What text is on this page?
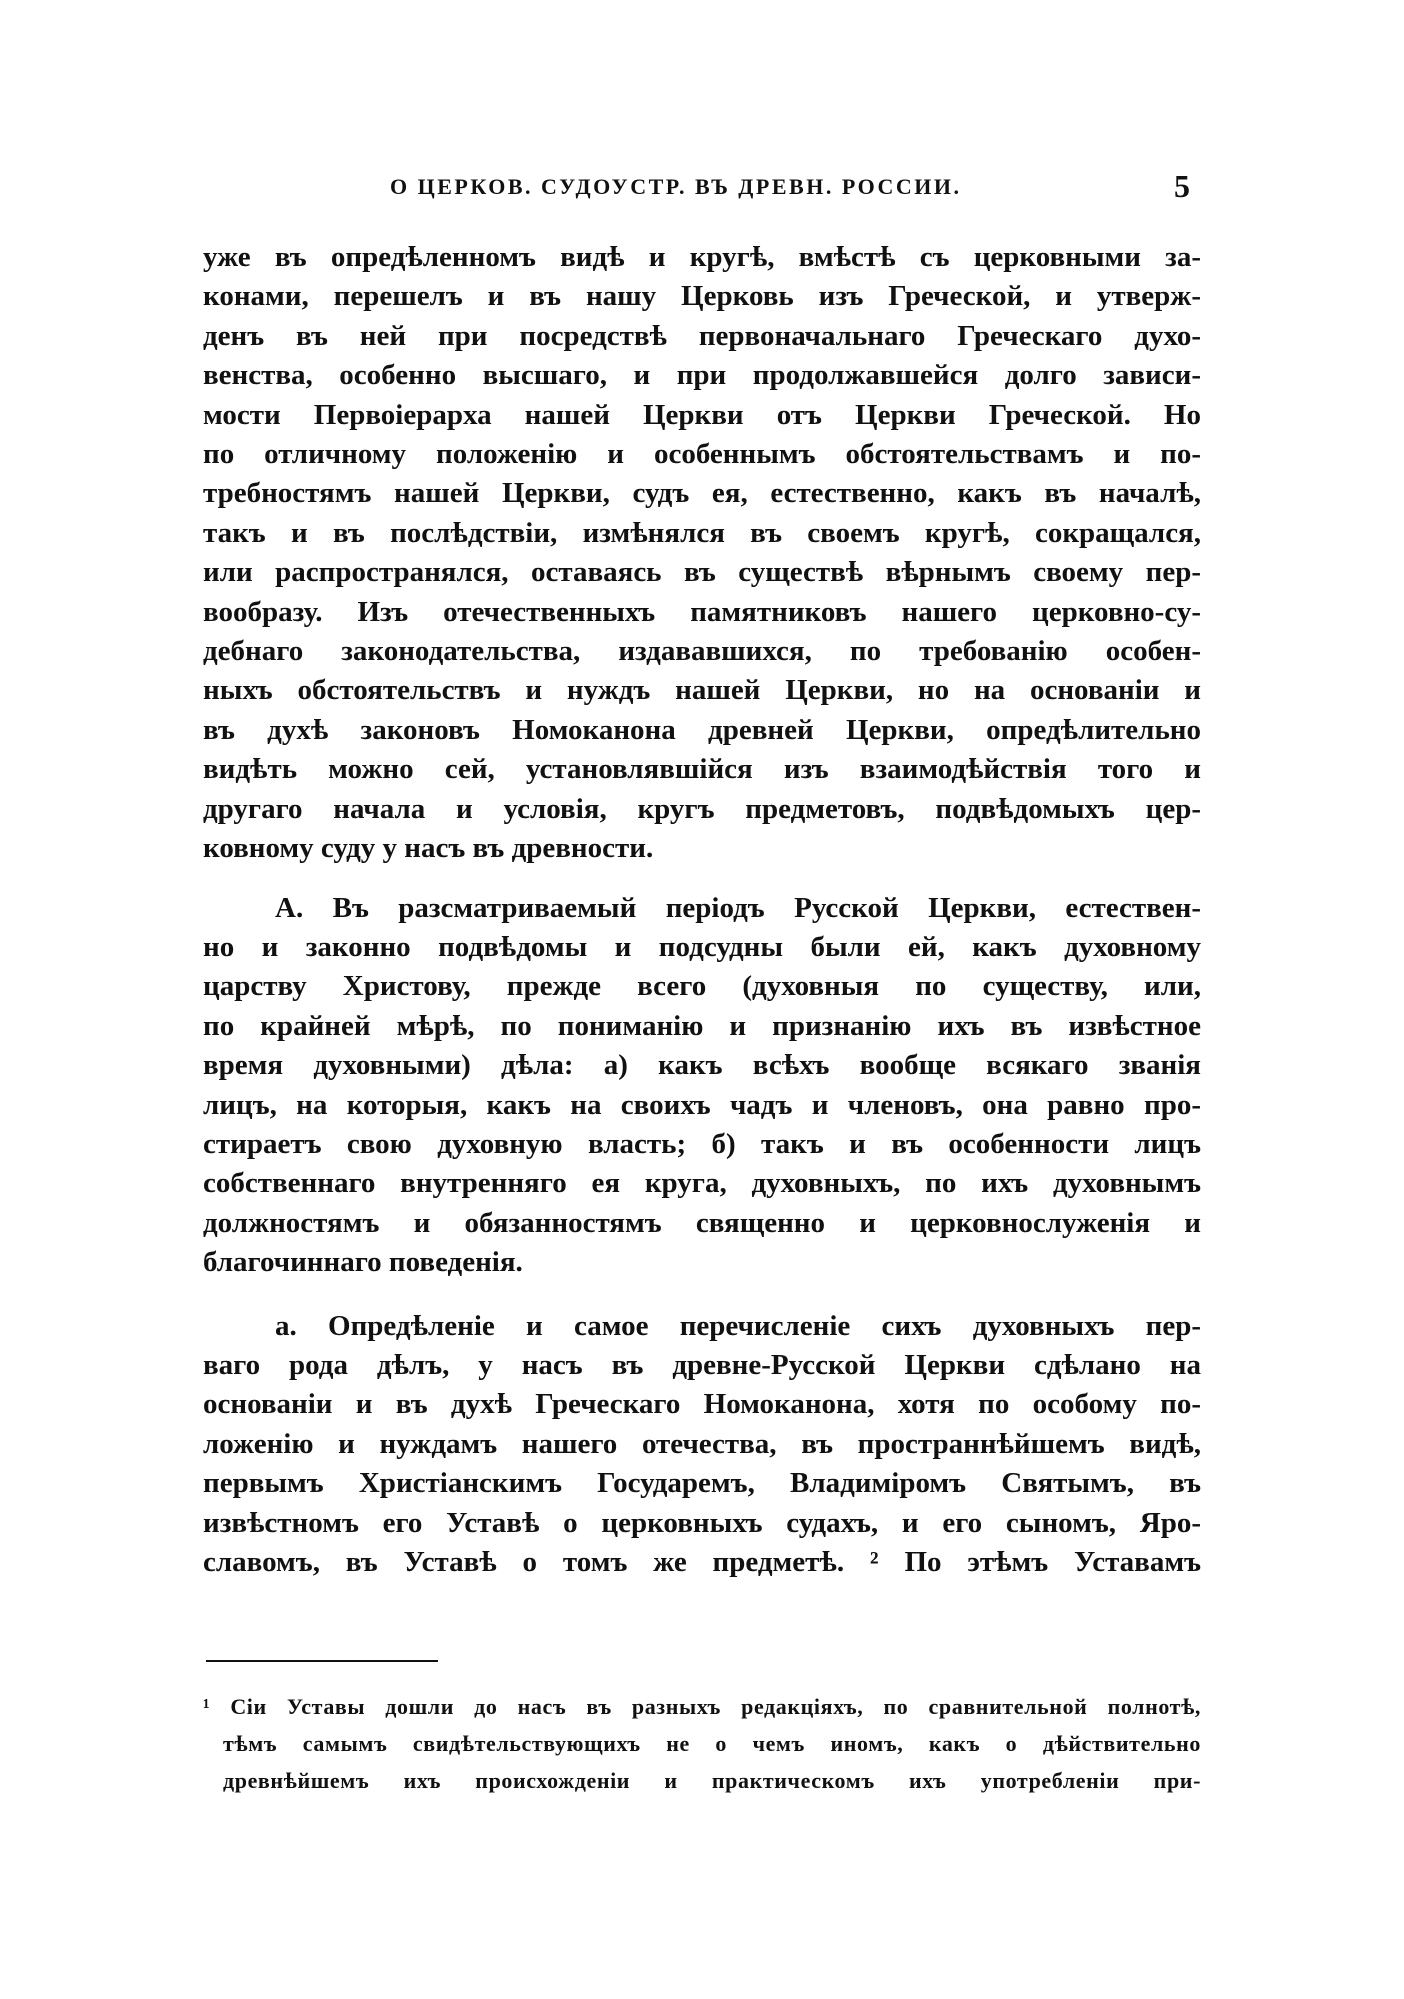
О ЦЕРКОВ. СУДОУСТР. ВЪ ДРЕВН. РОССИИ.	5
уже въ опредѣленномъ видѣ и кругѣ, вмѣстѣ съ церковными за-
конами, перешелъ и въ нашу Церковь изъ Греческой, и утверж-
денъ въ ней при посредствѣ первоначальнаго Греческаго духо-
венства, особенно высшаго, и при продолжавшейся долго зависи-
мости Первоіерарха нашей Церкви отъ Церкви Греческой. Но
по отличному положенію и особеннымъ обстоятельствамъ и по-
требностямъ нашей Церкви, судъ ея, естественно, какъ въ началѣ,
такъ и въ послѣдствіи, измѣнялся въ своемъ кругѣ, сокращался,
или распространялся, оставаясь въ существѣ вѣрнымъ своему пер-
вообразу. Изъ отечественныхъ памятниковъ нашего церковно-су-
дебнаго законодательства, издававшихся, по требованію особен-
ныхъ обстоятельствъ и нуждъ нашей Церкви, но на основаніи и
въ духѣ законовъ Номоканона древней Церкви, опредѣлительно
видѣть можно сей, установлявшійся изъ взаимодѣйствія того и
другаго начала и условія, кругъ предметовъ, подвѣдомыхъ цер-
ковному суду у насъ въ древности.
А. Въ разсматриваемый періодъ Русской Церкви, естествен-
но и законно подвѣдомы и подсудны были ей, какъ духовному
царству Христову, прежде всего (духовныя по существу, или,
по крайней мѣрѣ, по пониманію и признанію ихъ въ извѣстное
время духовными) дѣла: а) какъ всѣхъ вообще всякаго званія
лицъ, на которыя, какъ на своихъ чадъ и членовъ, она равно про-
стираетъ свою духовную власть; б) такъ и въ особенности лицъ
собственнаго внутренняго ея круга, духовныхъ, по ихъ духовнымъ
должностямъ и обязанностямъ священно и церковнослуженія и
благочиннаго поведенія.
а. Опредѣленіе и самое перечисленіе сихъ духовныхъ пер-
ваго рода дѣлъ, у насъ въ древне-Русской Церкви сдѣлано на
основаніи и въ духѣ Греческаго Номоканона, хотя по особому по-
ложенію и нуждамъ нашего отечества, въ пространнѣйшемъ видѣ,
первымъ Христіанскимъ Государемъ, Владиміромъ Святымъ, въ
извѣстномъ его Уставѣ о церковныхъ судахъ, и его сыномъ, Яро-
славомъ, въ Уставѣ о томъ же предметѣ. ² По этѣмъ Уставамъ
¹ Сіи Уставы дошли до насъ въ разныхъ редакціяхъ, по сравнительной полнотѣ,
тѣмъ самымъ свидѣтельствующихъ не о чемъ иномъ, какъ о дѣйствительно
древнѣйшемъ ихъ происхожденіи и практическомъ ихъ употребленіи при-
